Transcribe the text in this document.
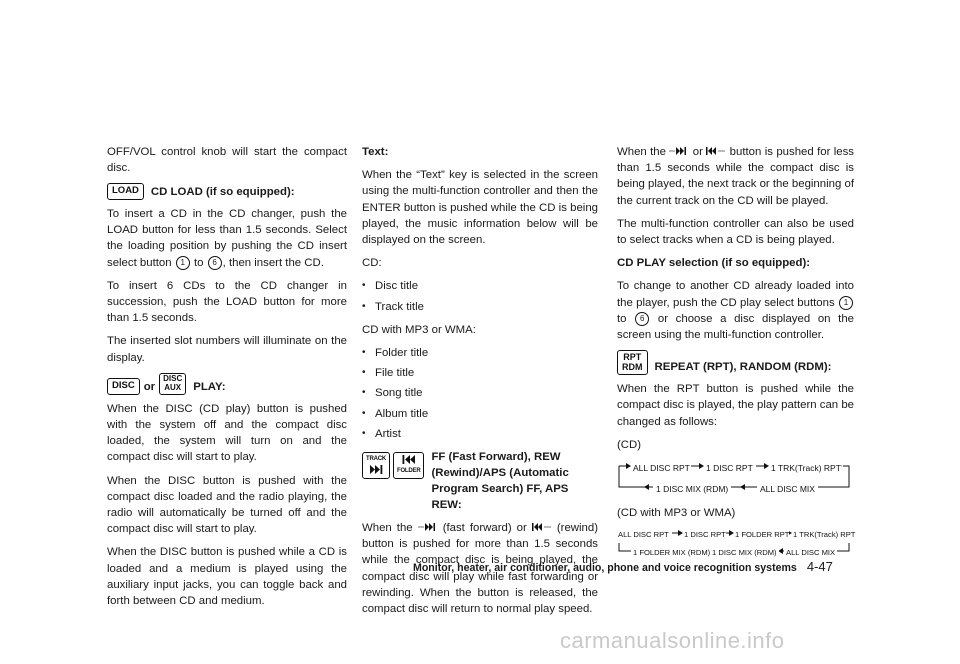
OFF/VOL control knob will start the compact disc.

LOAD	CD LOAD (if so equipped):

To insert a CD in the CD changer, push the LOAD button for less than 1.5 seconds. Select the loading position by pushing the CD insert select button 1 to 6 , then insert the CD.

To insert 6 CDs to the CD changer in succession, push the LOAD button for more than 1.5 seconds.

The inserted slot numbers will illuminate on the display.

DISC or
DISC
AUX	PLAY:

When the DISC (CD play) button is pushed with the system off and the compact disc loaded, the system will turn on and the compact disc will start to play.

When the DISC button is pushed with the compact disc loaded and the radio playing, the radio will automatically be turned off and the compact disc will start to play.

When the DISC button is pushed while a CD is loaded and a medium is played using the auxiliary input jacks, you can toggle back and forth between CD and medium.

Text:

When the “Text” key is selected in the screen using the multi-function controller and then the ENTER button is pushed while the CD is being played, the music information below will be displayed on the screen.

CD:

• Disc title
• Track title

CD with MP3 or WMA:

• Folder title
• File title
• Song title
• Album title
• Artist
TRACK
FOLDER
FF (Fast Forward), REW (Rewind)/APS (Automatic Program Search) FF, APS REW:

When the	(fast forward) or	(rewind) button is pushed for more than 1.5 seconds while the compact disc is being played, the compact disc will play while fast forwarding or rewinding. When the button is released, the compact disc will return to normal play speed.

When the or button is pushed for less than 1.5 seconds while the compact disc is being played, the next track or the beginning of the current track on the CD will be played.

The multi-function controller can also be used to select tracks when a CD is being played.

CD PLAY selection (if so equipped):

To change to another CD already loaded into the player, push the CD play select buttons 1 to 6 or choose a disc displayed on the screen using the multi-function controller.

RPT
RDM	REPEAT (RPT), RANDOM (RDM):

When the RPT button is pushed while the compact disc is played, the play pattern can be changed as follows:

(CD)

ALL DISC RPT 1 DISC RPT 1 TRK(Track) RPT
1 DISC MIX (RDM)	ALL DISC MIX

(CD with MP3 or WMA)

ALL DISC RPT 1 DISC RPT 1 FOLDER RPT 1 TRK(Track) RPT
1 FOLDER MIX (RDM) 1 DISC MIX (RDM) ALL DISC MIX
Monitor, heater, air conditioner, audio, phone and voice recognition systems 4-47
carmanualsonline.info
